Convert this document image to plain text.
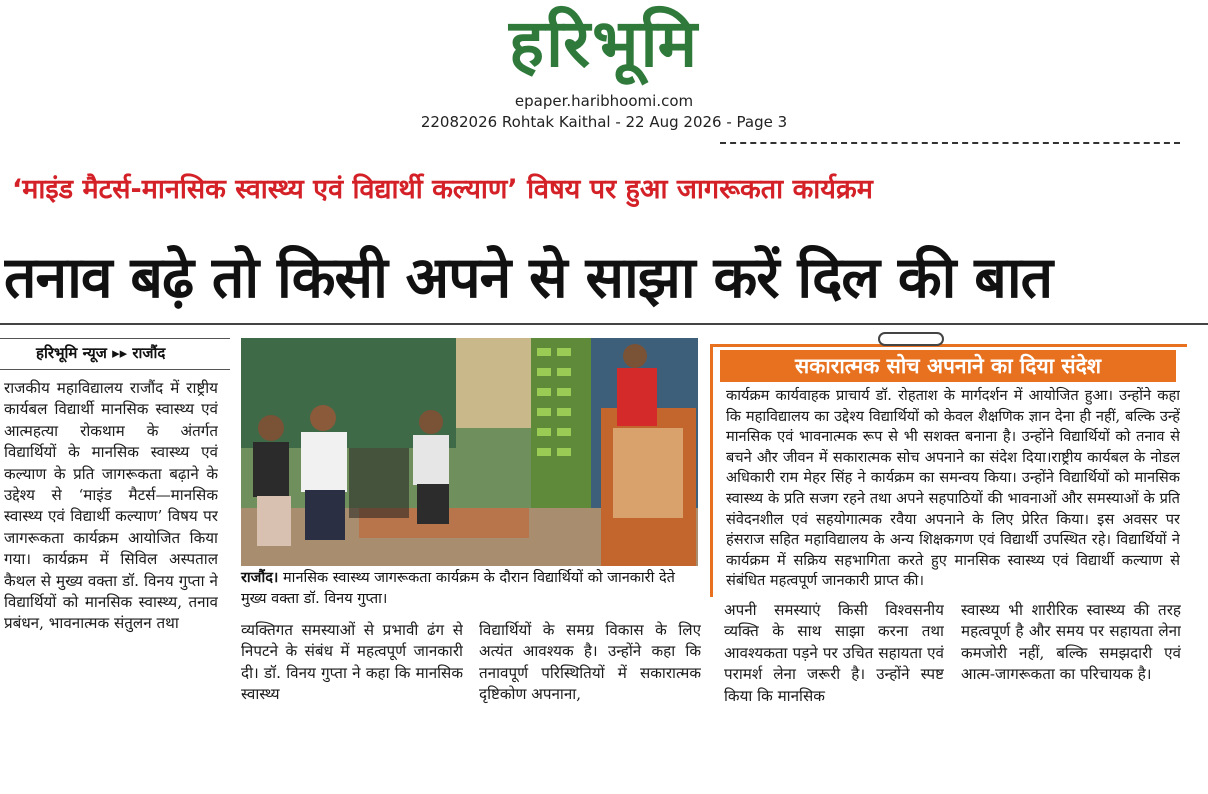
हरिभूमि
epaper.haribhoomi.com
22082026 Rohtak Kaithal - 22 Aug 2026 - Page 3
‘माइंड मैटर्स-मानसिक स्वास्थ्य एवं विद्यार्थी कल्याण’ विषय पर हुआ जागरूकता कार्यक्रम
तनाव बढ़े तो किसी अपने से साझा करें दिल की बात
हरिभूमि न्यूज ▸▸ राजौंद
राजकीय महाविद्यालय राजौंद में राष्ट्रीय कार्यबल विद्यार्थी मानसिक स्वास्थ्य एवं आत्महत्या रोकथाम के अंतर्गत विद्यार्थियों के मानसिक स्वास्थ्य एवं कल्याण के प्रति जागरूकता बढ़ाने के उद्देश्य से ‘माइंड मैटर्स—मानसिक स्वास्थ्य एवं विद्यार्थी कल्याण’ विषय पर जागरूकता कार्यक्रम आयोजित किया गया। कार्यक्रम में सिविल अस्पताल कैथल से मुख्य वक्ता डॉ. विनय गुप्ता ने विद्यार्थियों को मानसिक स्वास्थ्य, तनाव प्रबंधन, भावनात्मक संतुलन तथा
राजौंद। मानसिक स्वास्थ्य जागरूकता कार्यक्रम के दौरान विद्यार्थियों को जानकारी देते मुख्य वक्ता डॉ. विनय गुप्ता।
व्यक्तिगत समस्याओं से प्रभावी ढंग से निपटने के संबंध में महत्वपूर्ण जानकारी दी। डॉ. विनय गुप्ता ने कहा कि मानसिक स्वास्थ्य
विद्यार्थियों के समग्र विकास के लिए अत्यंत आवश्यक है। उन्होंने कहा कि तनावपूर्ण परिस्थितियों में सकारात्मक दृष्टिकोण अपनाना,
सकारात्मक सोच अपनाने का दिया संदेश
कार्यक्रम कार्यवाहक प्राचार्य डॉ. रोहताश के मार्गदर्शन में आयोजित हुआ। उन्होंने कहा कि महाविद्यालय का उद्देश्य विद्यार्थियों को केवल शैक्षणिक ज्ञान देना ही नहीं, बल्कि उन्हें मानसिक एवं भावनात्मक रूप से भी सशक्त बनाना है। उन्होंने विद्यार्थियों को तनाव से बचने और जीवन में सकारात्मक सोच अपनाने का संदेश दिया।राष्ट्रीय कार्यबल के नोडल अधिकारी राम मेहर सिंह ने कार्यक्रम का समन्वय किया। उन्होंने विद्यार्थियों को मानसिक स्वास्थ्य के प्रति सजग रहने तथा अपने सहपाठियों की भावनाओं और समस्याओं के प्रति संवेदनशील एवं सहयोगात्मक रवैया अपनाने के लिए प्रेरित किया। इस अवसर पर हंसराज सहित महाविद्यालय के अन्य शिक्षकगण एवं विद्यार्थी उपस्थित रहे। विद्यार्थियों ने कार्यक्रम में सक्रिय सहभागिता करते हुए मानसिक स्वास्थ्य एवं विद्यार्थी कल्याण से संबंधित महत्वपूर्ण जानकारी प्राप्त की।
अपनी समस्याएं किसी विश्वसनीय व्यक्ति के साथ साझा करना तथा आवश्यकता पड़ने पर उचित सहायता एवं परामर्श लेना जरूरी है। उन्होंने स्पष्ट किया कि मानसिक
स्वास्थ्य भी शारीरिक स्वास्थ्य की तरह महत्वपूर्ण है और समय पर सहायता लेना कमजोरी नहीं, बल्कि समझदारी एवं आत्म-जागरूकता का परिचायक है।
